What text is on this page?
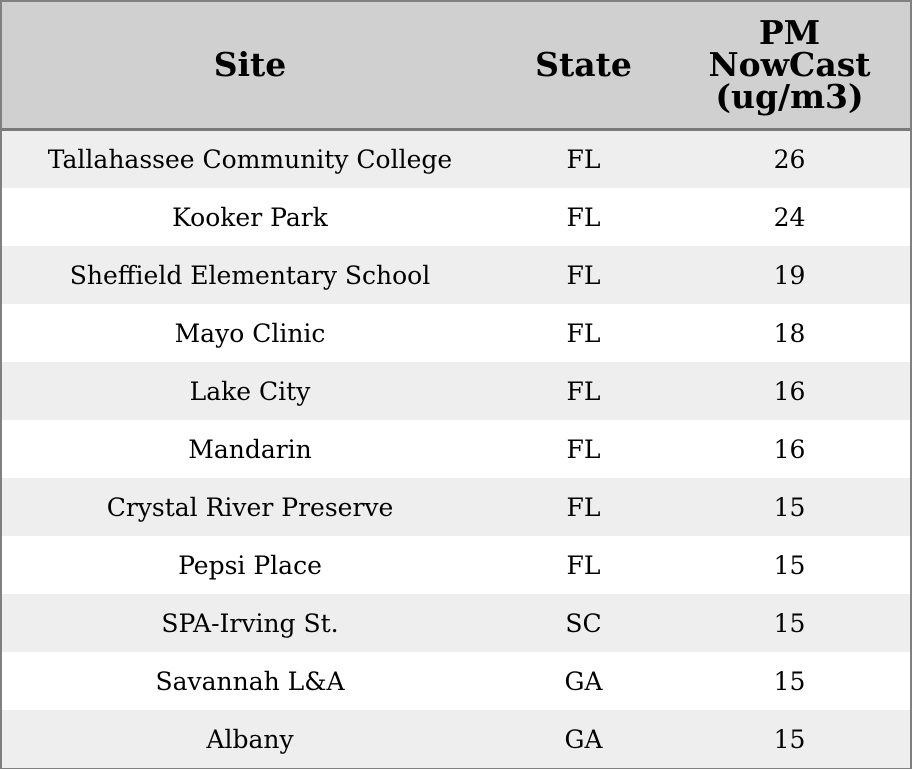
Site	State	PM
NowCast
(ug/m3)

Tallahassee Community College	FL	26
Kooker Park	FL	24
Sheffield Elementary School	FL	19
Mayo Clinic	FL	18
Lake City	FL	16
Mandarin	FL	16
Crystal River Preserve	FL	15
Pepsi Place	FL	15
SPA-Irving St.	SC	15
Savannah L&A	GA	15
Albany	GA	15
